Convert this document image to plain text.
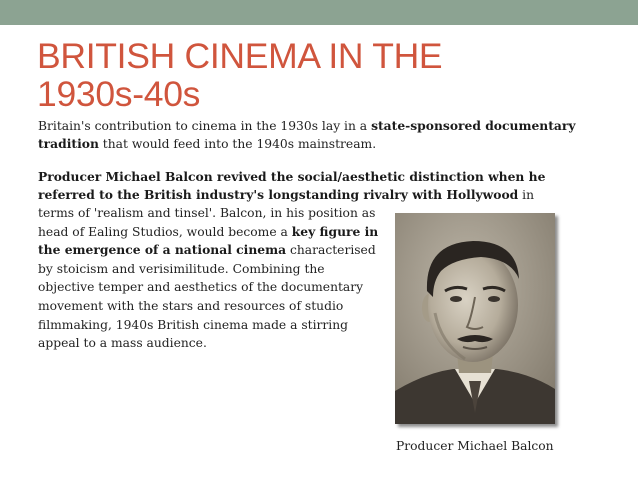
BRITISH CINEMA IN THE
1930s-40s

Britain's contribution to cinema in the 1930s lay in a state-sponsored documentary tradition that would feed into the 1940s mainstream.

Producer Michael Balcon revived the social/aesthetic distinction when he referred to the British industry's longstanding rivalry with Hollywood in

terms of 'realism and tinsel'. Balcon, in his position as head of Ealing Studios, would become a key figure in the emergence of a national cinema characterised by stoicism and verisimilitude. Combining the objective temper and aesthetics of the documentary movement with the stars and resources of studio filmmaking, 1940s British cinema made a stirring appeal to a mass audience.

Producer Michael Balcon
